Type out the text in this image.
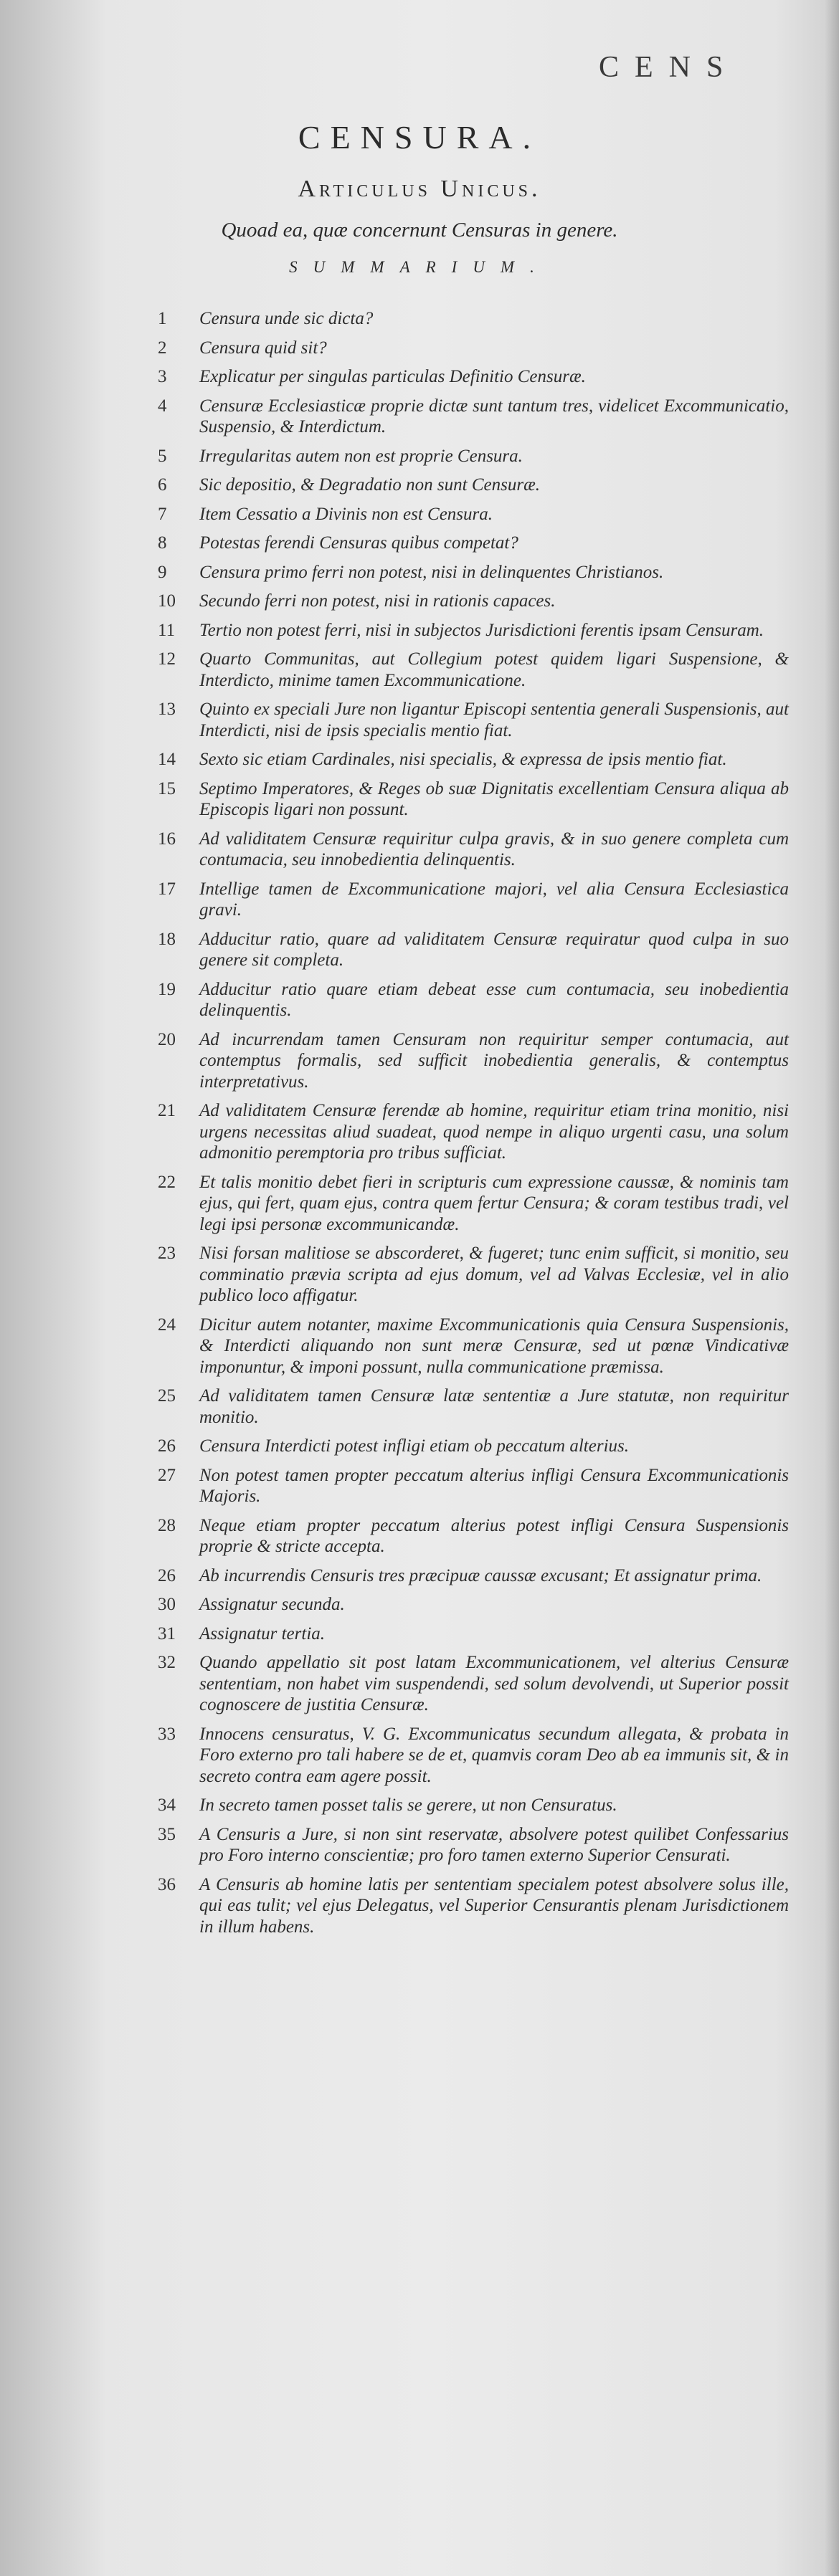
CENS
CENSURA.
Articulus Unicus.
Quoad ea, quæ concernunt Censuras in genere.
SUMMARIUM.
1	Censura unde sic dicta?
2	Censura quid sit?
3	Explicatur per singulas particulas Definitio Censuræ.
4	Censuræ Ecclesiasticæ proprie dictæ sunt tantum tres, videlicet Excommunicatio, Suspensio, & Interdictum.
5	Irregularitas autem non est proprie Censura.
6	Sic depositio, & Degradatio non sunt Censuræ.
7	Item Cessatio a Divinis non est Censura.
8	Potestas ferendi Censuras quibus competat?
9	Censura primo ferri non potest, nisi in delinquentes Christianos.
10	Secundo ferri non potest, nisi in rationis capaces.
11	Tertio non potest ferri, nisi in subjectos Jurisdictioni ferentis ipsam Censuram.
12	Quarto Communitas, aut Collegium potest quidem ligari Suspensione, & Interdicto, minime tamen Excommunicatione.
13	Quinto ex speciali Jure non ligantur Episcopi sententia generali Suspensionis, aut Interdicti, nisi de ipsis specialis mentio fiat.
14	Sexto sic etiam Cardinales, nisi specialis, & expressa de ipsis mentio fiat.
15	Septimo Imperatores, & Reges ob suæ Dignitatis excellentiam Censura aliqua ab Episcopis ligari non possunt.
16	Ad validitatem Censuræ requiritur culpa gravis, & in suo genere completa cum contumacia, seu innobedientia delinquentis.
17	Intellige tamen de Excommunicatione majori, vel alia Censura Ecclesiastica gravi.
18	Adducitur ratio, quare ad validitatem Censuræ requiratur quod culpa in suo genere sit completa.
19	Adducitur ratio quare etiam debeat esse cum contumacia, seu inobedientia delinquentis.
20	Ad incurrendam tamen Censuram non requiritur semper contumacia, aut contemptus formalis, sed sufficit inobedientia generalis, & contemptus interpretativus.
21	Ad validitatem Censuræ ferendæ ab homine, requiritur etiam trina monitio, nisi urgens necessitas aliud suadeat, quod nempe in aliquo urgenti casu, una solum admonitio peremptoria pro tribus sufficiat.
22	Et talis monitio debet fieri in scripturis cum expressione caussæ, & nominis tam ejus, qui fert, quam ejus, contra quem fertur Censura; & coram testibus tradi, vel legi ipsi personæ excommunicandæ.
23	Nisi forsan malitiose se abscorderet, & fugeret; tunc enim sufficit, si monitio, seu comminatio prævia scripta ad ejus domum, vel ad Valvas Ecclesiæ, vel in alio publico loco affigatur.
24	Dicitur autem notanter, maxime Excommunicationis quia Censura Suspensionis, & Interdicti aliquando non sunt meræ Censuræ, sed ut pœnæ Vindicativæ imponuntur, & imponi possunt, nulla communicatione præmissa.
25	Ad validitatem tamen Censuræ latæ sententiæ a Jure statutæ, non requiritur monitio.
26	Censura Interdicti potest infligi etiam ob peccatum alterius.
27	Non potest tamen propter peccatum alterius infligi Censura Excommunicationis Majoris.
28	Neque etiam propter peccatum alterius potest infligi Censura Suspensionis proprie & stricte accepta.
26	Ab incurrendis Censuris tres præcipuæ caussæ excusant; Et assignatur prima.
30	Assignatur secunda.
31	Assignatur tertia.
32	Quando appellatio sit post latam Excommunicationem, vel alterius Censuræ sententiam, non habet vim suspendendi, sed solum devolvendi, ut Superior possit cognoscere de justitia Censuræ.
33	Innocens censuratus, V. G. Excommunicatus secundum allegata, & probata in Foro externo pro tali habere se de et, quamvis coram Deo ab ea immunis sit, & in secreto contra eam agere possit.
34	In secreto tamen posset talis se gerere, ut non Censuratus.
35	A Censuris a Jure, si non sint reservatæ, absolvere potest quilibet Confessarius pro Foro interno conscientiæ; pro foro tamen externo Superior Censurati.
36	A Censuris ab homine latis per sententiam specialem potest absolvere solus ille, qui eas tulit; vel ejus Delegatus, vel Superior Censurantis plenam Jurisdictionem in illum habens.
